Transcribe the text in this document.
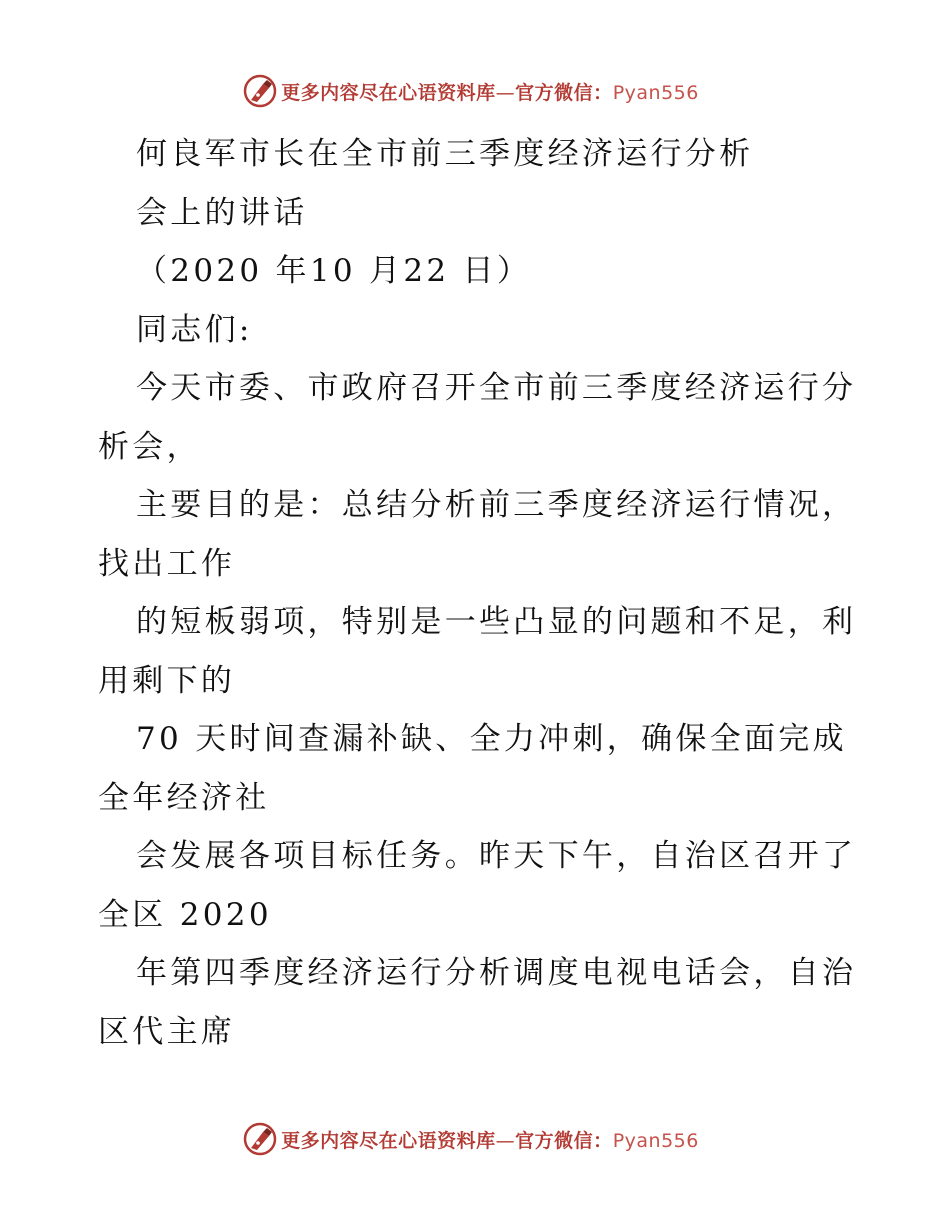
更多内容尽在心语资料库—官方微信：Pyan556
何良军市长在全市前三季度经济运行分析
会上的讲话
（2020 年10 月22 日）
同志们:
今天市委、市政府召开全市前三季度经济运行分
析会，
主要目的是：总结分析前三季度经济运行情况，
找出工作
的短板弱项，特别是一些凸显的问题和不足，利
用剩下的
70 天时间查漏补缺、全力冲刺，确保全面完成
全年经济社
会发展各项目标任务。昨天下午，自治区召开了
全区 2020
年第四季度经济运行分析调度电视电话会，自治
区代主席
更多内容尽在心语资料库—官方微信：Pyan556
